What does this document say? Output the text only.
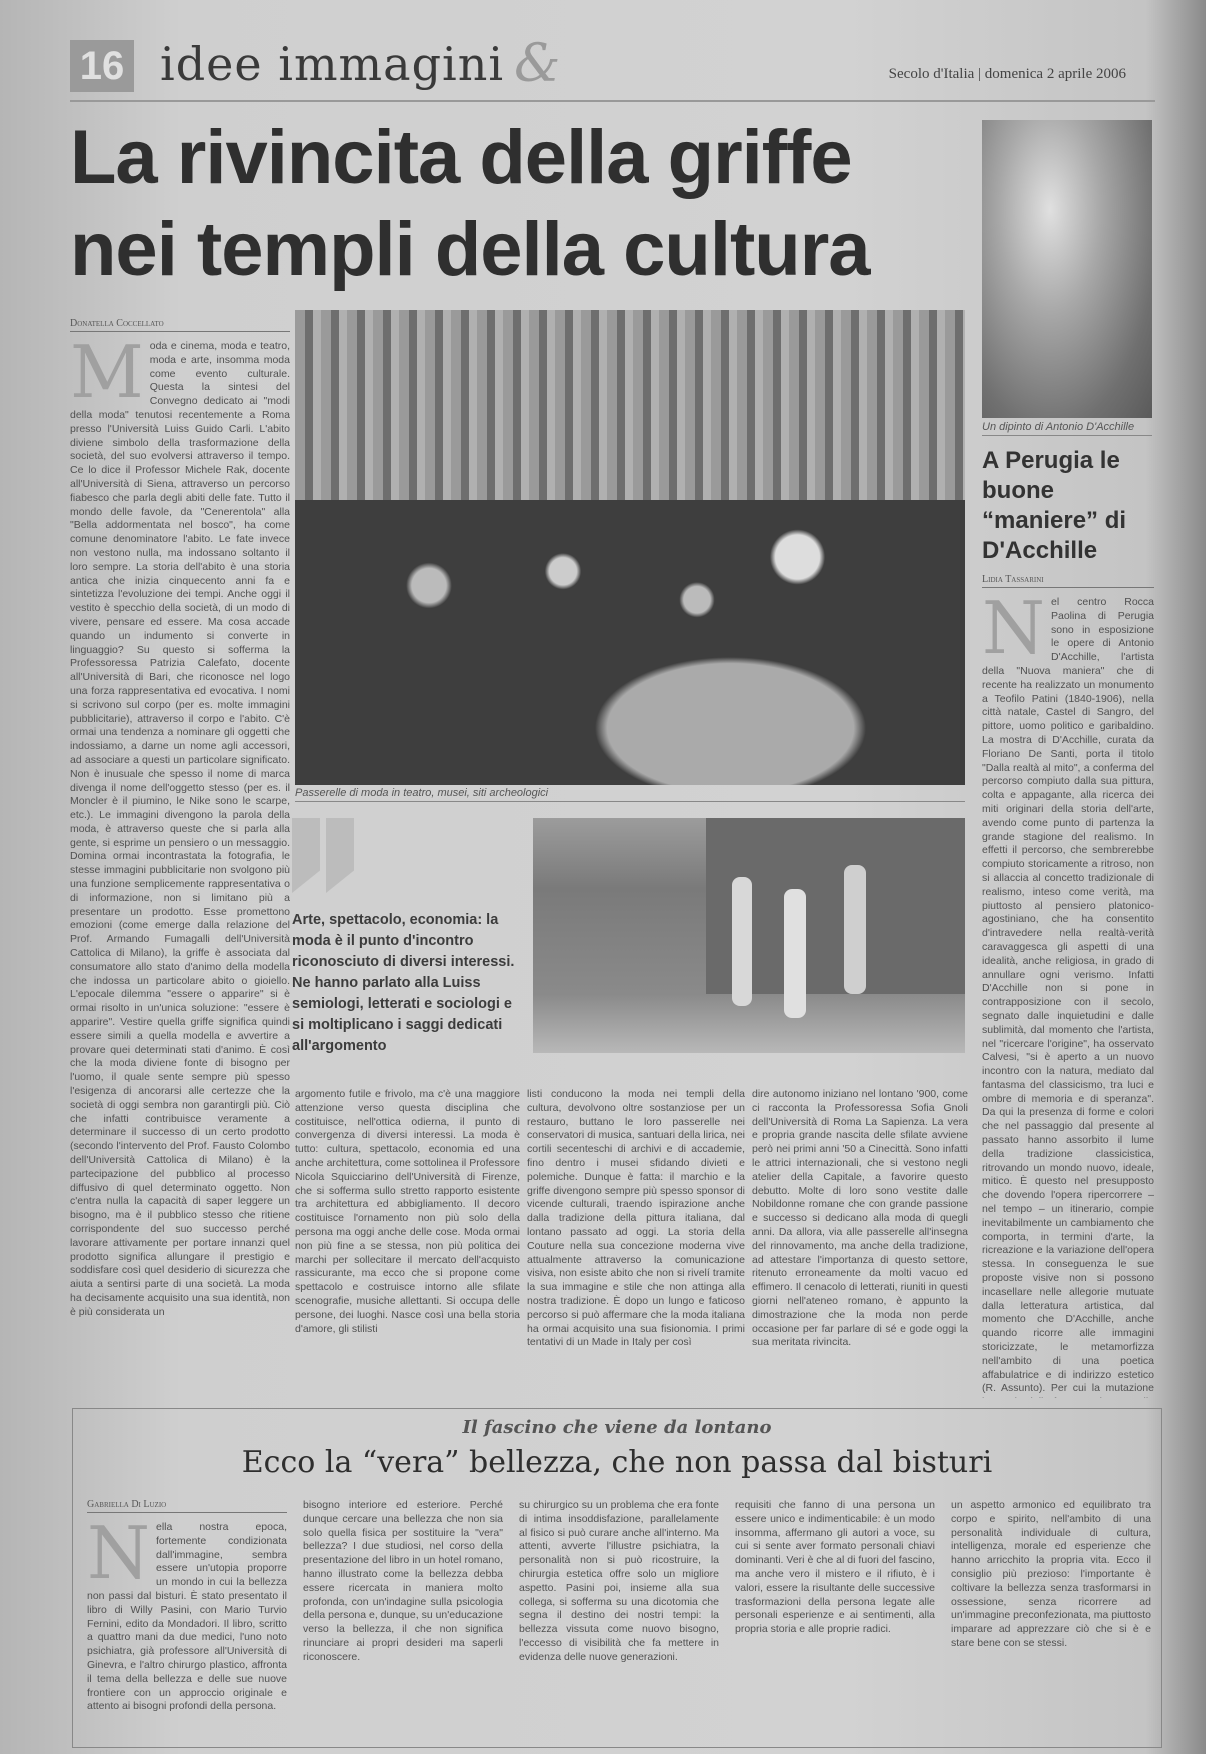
16 idee immagini &	Secolo d'Italia | domenica 2 aprile 2006
La rivincita della griffe nei templi della cultura
Donatella Coccellato
Moda e cinema, moda e teatro, moda e arte, insomma moda come evento culturale. Questa la sintesi del Convegno dedicato ai "modi della moda" tenutosi recentemente a Roma presso l'Università Luiss Guido Carli. L'abito diviene simbolo della trasformazione della società, del suo evolversi attraverso il tempo. Ce lo dice il Professor Michele Rak, docente all'Università di Siena, attraverso un percorso fiabesco che parla degli abiti delle fate. Tutto il mondo delle favole, da "Cenerentola" alla "Bella addormentata nel bosco", ha come comune denominatore l'abito. Le fate invece non vestono nulla, ma indossano soltanto il loro sempre. La storia dell'abito è una storia antica che inizia cinquecento anni fa e sintetizza l'evoluzione dei tempi. Anche oggi il vestito è specchio della società, di un modo di vivere, pensare ed essere. Ma cosa accade quando un indumento si converte in linguaggio? Su questo si sofferma la Professoressa Patrizia Calefato, docente all'Università di Bari, che riconosce nel logo una forza rappresentativa ed evocativa. I nomi si scrivono sul corpo (per es. molte immagini pubblicitarie), attraverso il corpo e l'abito. C'è ormai una tendenza a nominare gli oggetti che indossiamo, a darne un nome agli accessori, ad associare a questi un particolare significato. Non è inusuale che spesso il nome di marca divenga il nome dell'oggetto stesso (per es. il Moncler è il piumino, le Nike sono le scarpe, etc.). Le immagini divengono la parola della moda, è attraverso queste che si parla alla gente, si esprime un pensiero o un messaggio. Domina ormai incontrastata la fotografia, le stesse immagini pubblicitarie non svolgono più una funzione semplicemente rappresentativa o di informazione, non si limitano più a presentare un prodotto. Esse promettono emozioni (come emerge dalla relazione del Prof. Armando Fumagalli dell'Università Cattolica di Milano), la griffe è associata dal consumatore allo stato d'animo della modella che indossa un particolare abito o gioiello. L'epocale dilemma "essere o apparire" si è ormai risolto in un'unica soluzione: "essere è apparire". Vestire quella griffe significa quindi essere simili a quella modella e avvertire a provare quei determinati stati d'animo. È così che la moda diviene fonte di bisogno per l'uomo, il quale sente sempre più spesso l'esigenza di ancorarsi alle certezze che la società di oggi sembra non garantirgli più. Ciò che infatti contribuisce veramente a determinare il successo di un certo prodotto (secondo l'intervento del Prof. Fausto Colombo dell'Università Cattolica di Milano) è la partecipazione del pubblico al processo diffusivo di quel determinato oggetto. Non c'entra nulla la capacità di saper leggere un bisogno, ma è il pubblico stesso che ritiene corrispondente del suo successo perché lavorare attivamente per portare innanzi quel prodotto significa allungare il prestigio e soddisfare così quel desiderio di sicurezza che aiuta a sentirsi parte di una società. La moda ha decisamente acquisito una sua identità, non è più considerata un
Passerelle di moda in teatro, musei, siti archeologici
Arte, spettacolo, economia: la moda è il punto d'incontro riconosciuto di diversi interessi. Ne hanno parlato alla Luiss semiologi, letterati e sociologi e si moltiplicano i saggi dedicati all'argomento
argomento futile e frivolo, ma c'è una maggiore attenzione verso questa disciplina che costituisce, nell'ottica odierna, il punto di convergenza di diversi interessi. La moda è tutto: cultura, spettacolo, economia ed una anche architettura, come sottolinea il Professore Nicola Squicciarino dell'Università di Firenze, che si sofferma sullo stretto rapporto esistente tra architettura ed abbigliamento. Il decoro costituisce l'ornamento non più solo della persona ma oggi anche delle cose. Moda ormai non più fine a se stessa, non più politica dei marchi per sollecitare il mercato dell'acquisto rassicurante, ma ecco che si propone come spettacolo e costruisce intorno alle sfilate scenografie, musiche allettanti. Si occupa delle persone, dei luoghi. Nasce così una bella storia d'amore, gli stilisti
listi conducono la moda nei templi della cultura, devolvono oltre sostanziose per un restauro, buttano le loro passerelle nei conservatori di musica, santuari della lirica, nei cortili secenteschi di archivi e di accademie, fino dentro i musei sfidando divieti e polemiche. Dunque è fatta: il marchio e la griffe divengono sempre più spesso sponsor di vicende culturali, traendo ispirazione anche dalla tradizione della pittura italiana, dal lontano passato ad oggi. La storia della Couture nella sua concezione moderna vive attualmente attraverso la comunicazione visiva, non esiste abito che non si rivelí tramite la sua immagine e stile che non attinga alla nostra tradizione. È dopo un lungo e faticoso percorso si può affermare che la moda italiana ha ormai acquisito una sua fisionomia. I primi tentativi di un Made in Italy per così
dire autonomo iniziano nel lontano '900, come ci racconta la Professoressa Sofia Gnoli dell'Università di Roma La Sapienza. La vera e propria grande nascita delle sfilate avviene però nei primi anni '50 a Cinecittà. Sono infatti le attrici internazionali, che si vestono negli atelier della Capitale, a favorire questo debutto. Molte di loro sono vestite dalle Nobildonne romane che con grande passione e successo si dedicano alla moda di quegli anni. Da allora, via alle passerelle all'insegna del rinnovamento, ma anche della tradizione, ad attestare l'importanza di questo settore, ritenuto erroneamente da molti vacuo ed effimero. Il cenacolo di letterati, riuniti in questi giorni nell'ateneo romano, è appunto la dimostrazione che la moda non perde occasione per far parlare di sé e gode oggi la sua meritata rivincita.
Un dipinto di Antonio D'Acchille
A Perugia le buone “maniere” di D'Acchille
Lidia Tassarini
Nel centro Rocca Paolina di Perugia sono in esposizione le opere di Antonio D'Acchille, l'artista della "Nuova maniera" che di recente ha realizzato un monumento a Teofilo Patini (1840-1906), nella città natale, Castel di Sangro, del pittore, uomo politico e garibaldino. La mostra di D'Acchille, curata da Floriano De Santi, porta il titolo "Dalla realtà al mito", a conferma del percorso compiuto dalla sua pittura, colta e appagante, alla ricerca dei miti originari della storia dell'arte, avendo come punto di partenza la grande stagione del realismo. In effetti il percorso, che sembrerebbe compiuto storicamente a ritroso, non si allaccia al concetto tradizionale di realismo, inteso come verità, ma piuttosto al pensiero platonico-agostiniano, che ha consentito d'intravedere nella realtà-verità caravaggesca gli aspetti di una idealità, anche religiosa, in grado di annullare ogni verismo. Infatti D'Acchille non si pone in contrapposizione con il secolo, segnato dalle inquietudini e dalle sublimità, dal momento che l'artista, nel "ricercare l'origine", ha osservato Calvesi, "si è aperto a un nuovo incontro con la natura, mediato dal fantasma del classicismo, tra luci e ombre di memoria e di speranza". Da qui la presenza di forme e colori che nel passaggio dal presente al passato hanno assorbito il lume della tradizione classicistica, ritrovando un mondo nuovo, ideale, mitico. È questo nel presupposto che dovendo l'opera ripercorrere – nel tempo – un itinerario, compie inevitabilmente un cambiamento che comporta, in termini d'arte, la ricreazione e la variazione dell'opera stessa. In conseguenza le sue proposte visive non si possono incasellare nelle allegorie mutuate dalla letteratura artistica, dal momento che D'Acchille, anche quando ricorre alle immagini storicizzate, le metamorfizza nell'ambito di una poetica affabulatrice e di indirizzo estetico (R. Assunto). Per cui la mutazione
Il fascino che viene da lontano
Ecco la “vera” bellezza, che non passa dal bisturi
Gabriella Di Luzio
Nella nostra epoca, fortemente condizionata dall'immagine, sembra essere un'utopia proporre un mondo in cui la bellezza non passi dal bisturi. È stato presentato il libro di Willy Pasini, con Mario Turvio Fernini, edito da Mondadori. Il libro, scritto a quattro mani da due medici, l'uno noto psichiatra, già professore all'Università di Ginevra, e l'altro chirurgo plastico, affronta il tema della bellezza e delle sue nuove frontiere con un approccio originale e attento ai bisogni profondi della persona.
bisogno interiore ed esteriore. Perché dunque cercare una bellezza che non sia solo quella fisica per sostituire la "vera" bellezza? I due studiosi, nel corso della presentazione del libro in un hotel romano, hanno illustrato come la bellezza debba essere ricercata in maniera molto profonda, con un'indagine sulla psicologia della persona e, dunque, su un'educazione verso la bellezza, il che non significa rinunciare ai propri desideri ma saperli riconoscere.
su chirurgico su un problema che era fonte di intima insoddisfazione, parallelamente al fisico si può curare anche all'interno. Ma attenti, avverte l'illustre psichiatra, la personalità non si può ricostruire, la chirurgia estetica offre solo un migliore aspetto. Pasini poi, insieme alla sua collega, si sofferma su una dicotomia che segna il destino dei nostri tempi: la bellezza vissuta come nuovo bisogno, l'eccesso di visibilità che fa mettere in evidenza delle nuove generazioni.
requisiti che fanno di una persona un essere unico e indimenticabile: è un modo insomma, affermano gli autori a voce, su cui si sente aver formato personali chiavi dominanti. Veri è che al di fuori del fascino, ma anche vero il mistero e il rifiuto, è i valori, essere la risultante delle successive trasformazioni della persona legate alle personali esperienze e ai sentimenti, alla propria storia e alle proprie radici.
un aspetto armonico ed equilibrato tra corpo e spirito, nell'ambito di una personalità individuale di cultura, intelligenza, morale ed esperienze che hanno arricchito la propria vita. Ecco il consiglio più prezioso: l'importante è coltivare la bellezza senza trasformarsi in ossessione, senza ricorrere ad un'immagine preconfezionata, ma piuttosto imparare ad apprezzare ciò che si è e stare bene con se stessi.
